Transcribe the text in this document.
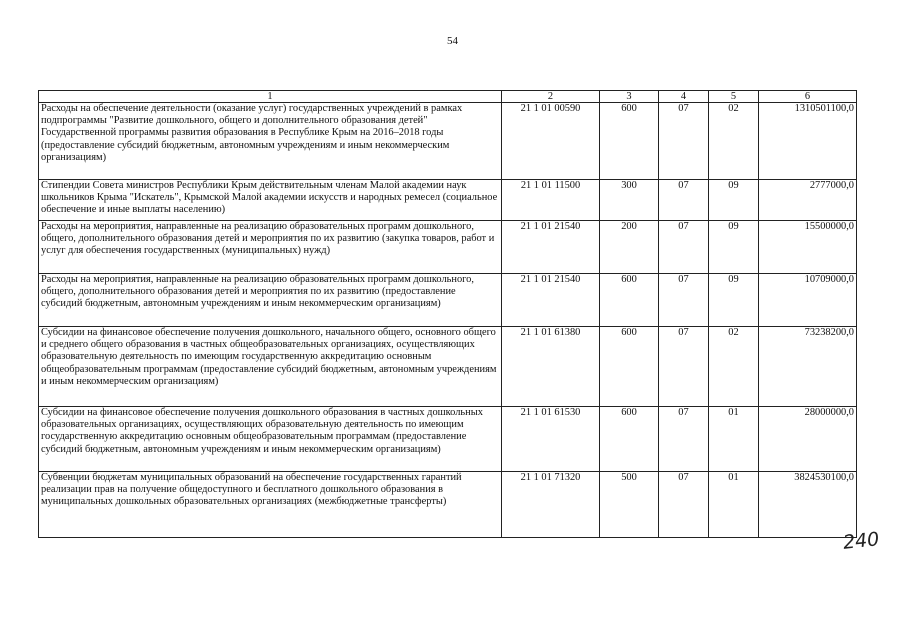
54
1	2	3	4	5	6
Расходы на обеспечение деятельности (оказание услуг) государственных учреждений в рамках подпрограммы "Развитие дошкольного, общего и дополнительного образования детей" Государственной программы развития образования в Республике Крым на 2016–2018 годы (предоставление субсидий бюджетным, автономным учреждениям и иным некоммерческим организациям)	21 1 01 00590	600	07	02	1310501100,0
Стипендии Совета министров Республики Крым действительным членам Малой академии наук школьников Крыма "Искатель", Крымской Малой академии искусств и народных ремесел (социальное обеспечение и иные выплаты населению)	21 1 01 11500	300	07	09	2777000,0
Расходы на мероприятия, направленные на реализацию образовательных программ дошкольного, общего, дополнительного образования детей и мероприятия по их развитию (закупка товаров, работ и услуг для обеспечения государственных (муниципальных) нужд)	21 1 01 21540	200	07	09	15500000,0
Расходы на мероприятия, направленные на реализацию образовательных программ дошкольного, общего, дополнительного образования детей и мероприятия по их развитию (предоставление субсидий бюджетным, автономным учреждениям и иным некоммерческим организациям)	21 1 01 21540	600	07	09	10709000,0
Субсидии на финансовое обеспечение получения дошкольного, начального общего, основного общего и среднего общего образования в частных общеобразовательных организациях, осуществляющих образовательную деятельность по имеющим государственную аккредитацию основным общеобразовательным программам (предоставление субсидий бюджетным, автономным учреждениям и иным некоммерческим организациям)	21 1 01 61380	600	07	02	73238200,0
Субсидии на финансовое обеспечение получения дошкольного образования в частных дошкольных образовательных организациях, осуществляющих образовательную деятельность по имеющим государственную аккредитацию основным общеобразовательным программам (предоставление субсидий бюджетным, автономным учреждениям и иным некоммерческим организациям)	21 1 01 61530	600	07	01	28000000,0
Субвенции бюджетам муниципальных образований на обеспечение государственных гарантий реализации прав на получение общедоступного и бесплатного дошкольного образования в муниципальных дошкольных образовательных организациях (межбюджетные трансферты)	21 1 01 71320	500	07	01	3824530100,0
240
